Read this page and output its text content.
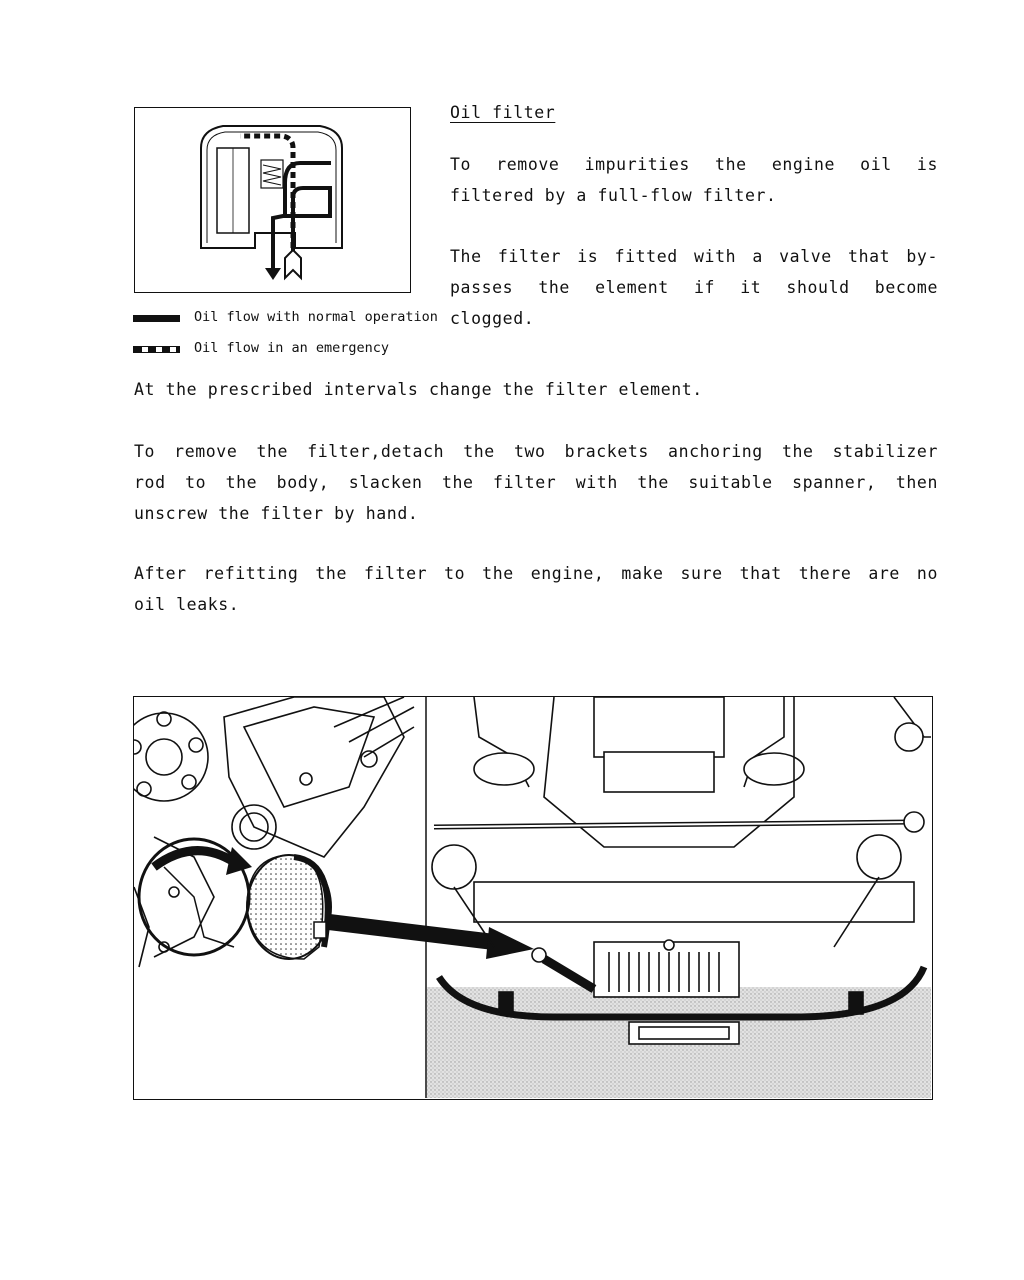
Oil flow with normal operation
Oil flow in an emergency
Oil filter
To remove impurities the engine oil is
filtered by a full-flow filter.
The filter is fitted with a valve that by-
passes the element if it should become
clogged.
At the prescribed intervals change the filter element.
To remove the filter,detach the two brackets anchoring the stabilizer
rod to the body, slacken the filter with the suitable spanner, then
unscrew the filter by hand.
After refitting the filter to the engine, make sure that there are no
oil leaks.
